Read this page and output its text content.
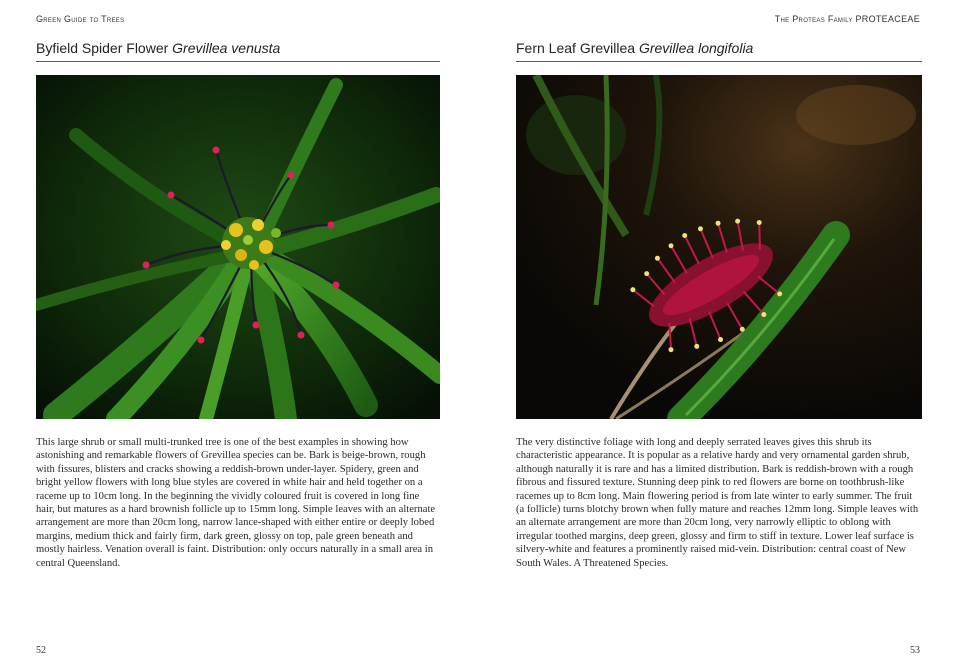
Green Guide to Trees
Byfield Spider Flower Grevillea venusta
This large shrub or small multi-trunked tree is one of the best examples in showing how astonishing and remarkable flowers of Grevillea species can be. Bark is beige-brown, rough with fissures, blisters and cracks showing a reddish-brown under-layer. Spidery, green and bright yellow flowers with long blue styles are covered in white hair and held together on a raceme up to 10cm long. In the beginning the vividly coloured fruit is covered in long fine hair, but matures as a hard brownish follicle up to 15mm long. Simple leaves with an alternate arrangement are more than 20cm long, narrow lance-shaped with either entire or deeply lobed margins, medium thick and fairly firm, dark green, glossy on top, pale green beneath and mostly hairless. Venation overall is faint. Distribution: only occurs naturally in a small area in central Queensland.
52
The Proteas Family PROTEACEAE
Fern Leaf Grevillea Grevillea longifolia
The very distinctive foliage with long and deeply serrated leaves gives this shrub its characteristic appearance. It is popular as a relative hardy and very ornamental garden shrub, although naturally it is rare and has a limited distribution. Bark is reddish-brown with a rough fibrous and fissured texture. Stunning deep pink to red flowers are borne on toothbrush-like racemes up to 8cm long. Main flowering period is from late winter to early summer. The fruit (a follicle) turns blotchy brown when fully mature and reaches 12mm long. Simple leaves with an alternate arrangement are more than 20cm long, very narrowly elliptic to oblong with irregular toothed margins, deep green, glossy and firm to stiff in texture. Lower leaf surface is silvery-white and features a prominently raised mid-vein. Distribution: central coast of New South Wales. A Threatened Species.
53
